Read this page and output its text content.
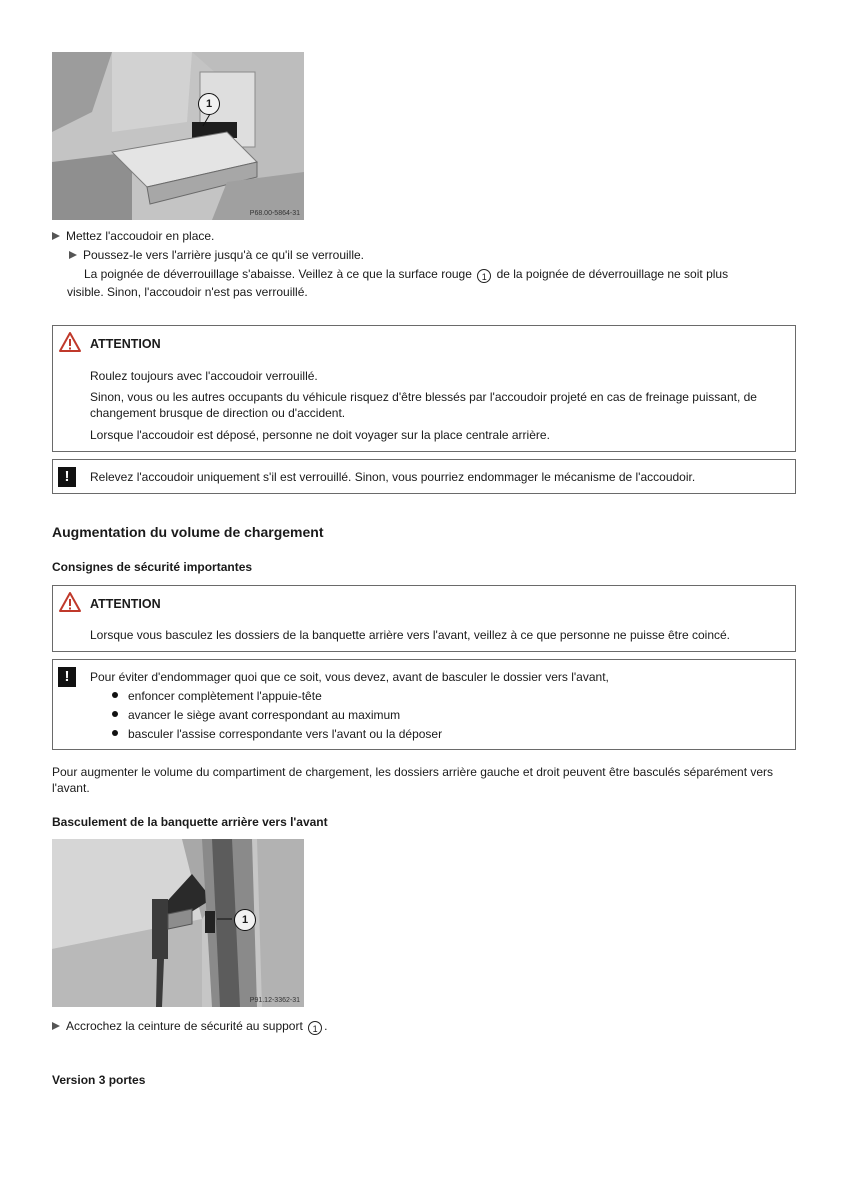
1
P68.00-5864-31
Mettez l'accoudoir en place.
Poussez-le vers l'arrière jusqu'à ce qu'il se verrouille.
La poignée de déverrouillage s'abaisse. Veillez à ce que la surface rouge 1 de la poignée de déverrouillage ne soit plus
visible. Sinon, l'accoudoir n'est pas verrouillé.
ATTENTION

Roulez toujours avec l'accoudoir verrouillé.

Sinon, vous ou les autres occupants du véhicule risquez d'être blessés par l'accoudoir projeté en cas de freinage puissant, de changement brusque de direction ou d'accident.

Lorsque l'accoudoir est déposé, personne ne doit voyager sur la place centrale arrière.

!	Relevez l'accoudoir uniquement s'il est verrouillé. Sinon, vous pourriez endommager le mécanisme de l'accoudoir.

Augmentation du volume de chargement
Consignes de sécurité importantes
ATTENTION

Lorsque vous basculez les dossiers de la banquette arrière vers l'avant, veillez à ce que personne ne puisse être coincé.

!	Pour éviter d'endommager quoi que ce soit, vous devez, avant de basculer le dossier vers l'avant,

enfoncer complètement l'appuie-tête
avancer le siège avant correspondant au maximum
basculer l'assise correspondante vers l'avant ou la déposer
Pour augmenter le volume du compartiment de chargement, les dossiers arrière gauche et droit peuvent être basculés séparément vers l'avant.
Basculement de la banquette arrière vers l'avant
1
P91.12-3362-31
Accrochez la ceinture de sécurité au support 1 .
Version 3 portes
